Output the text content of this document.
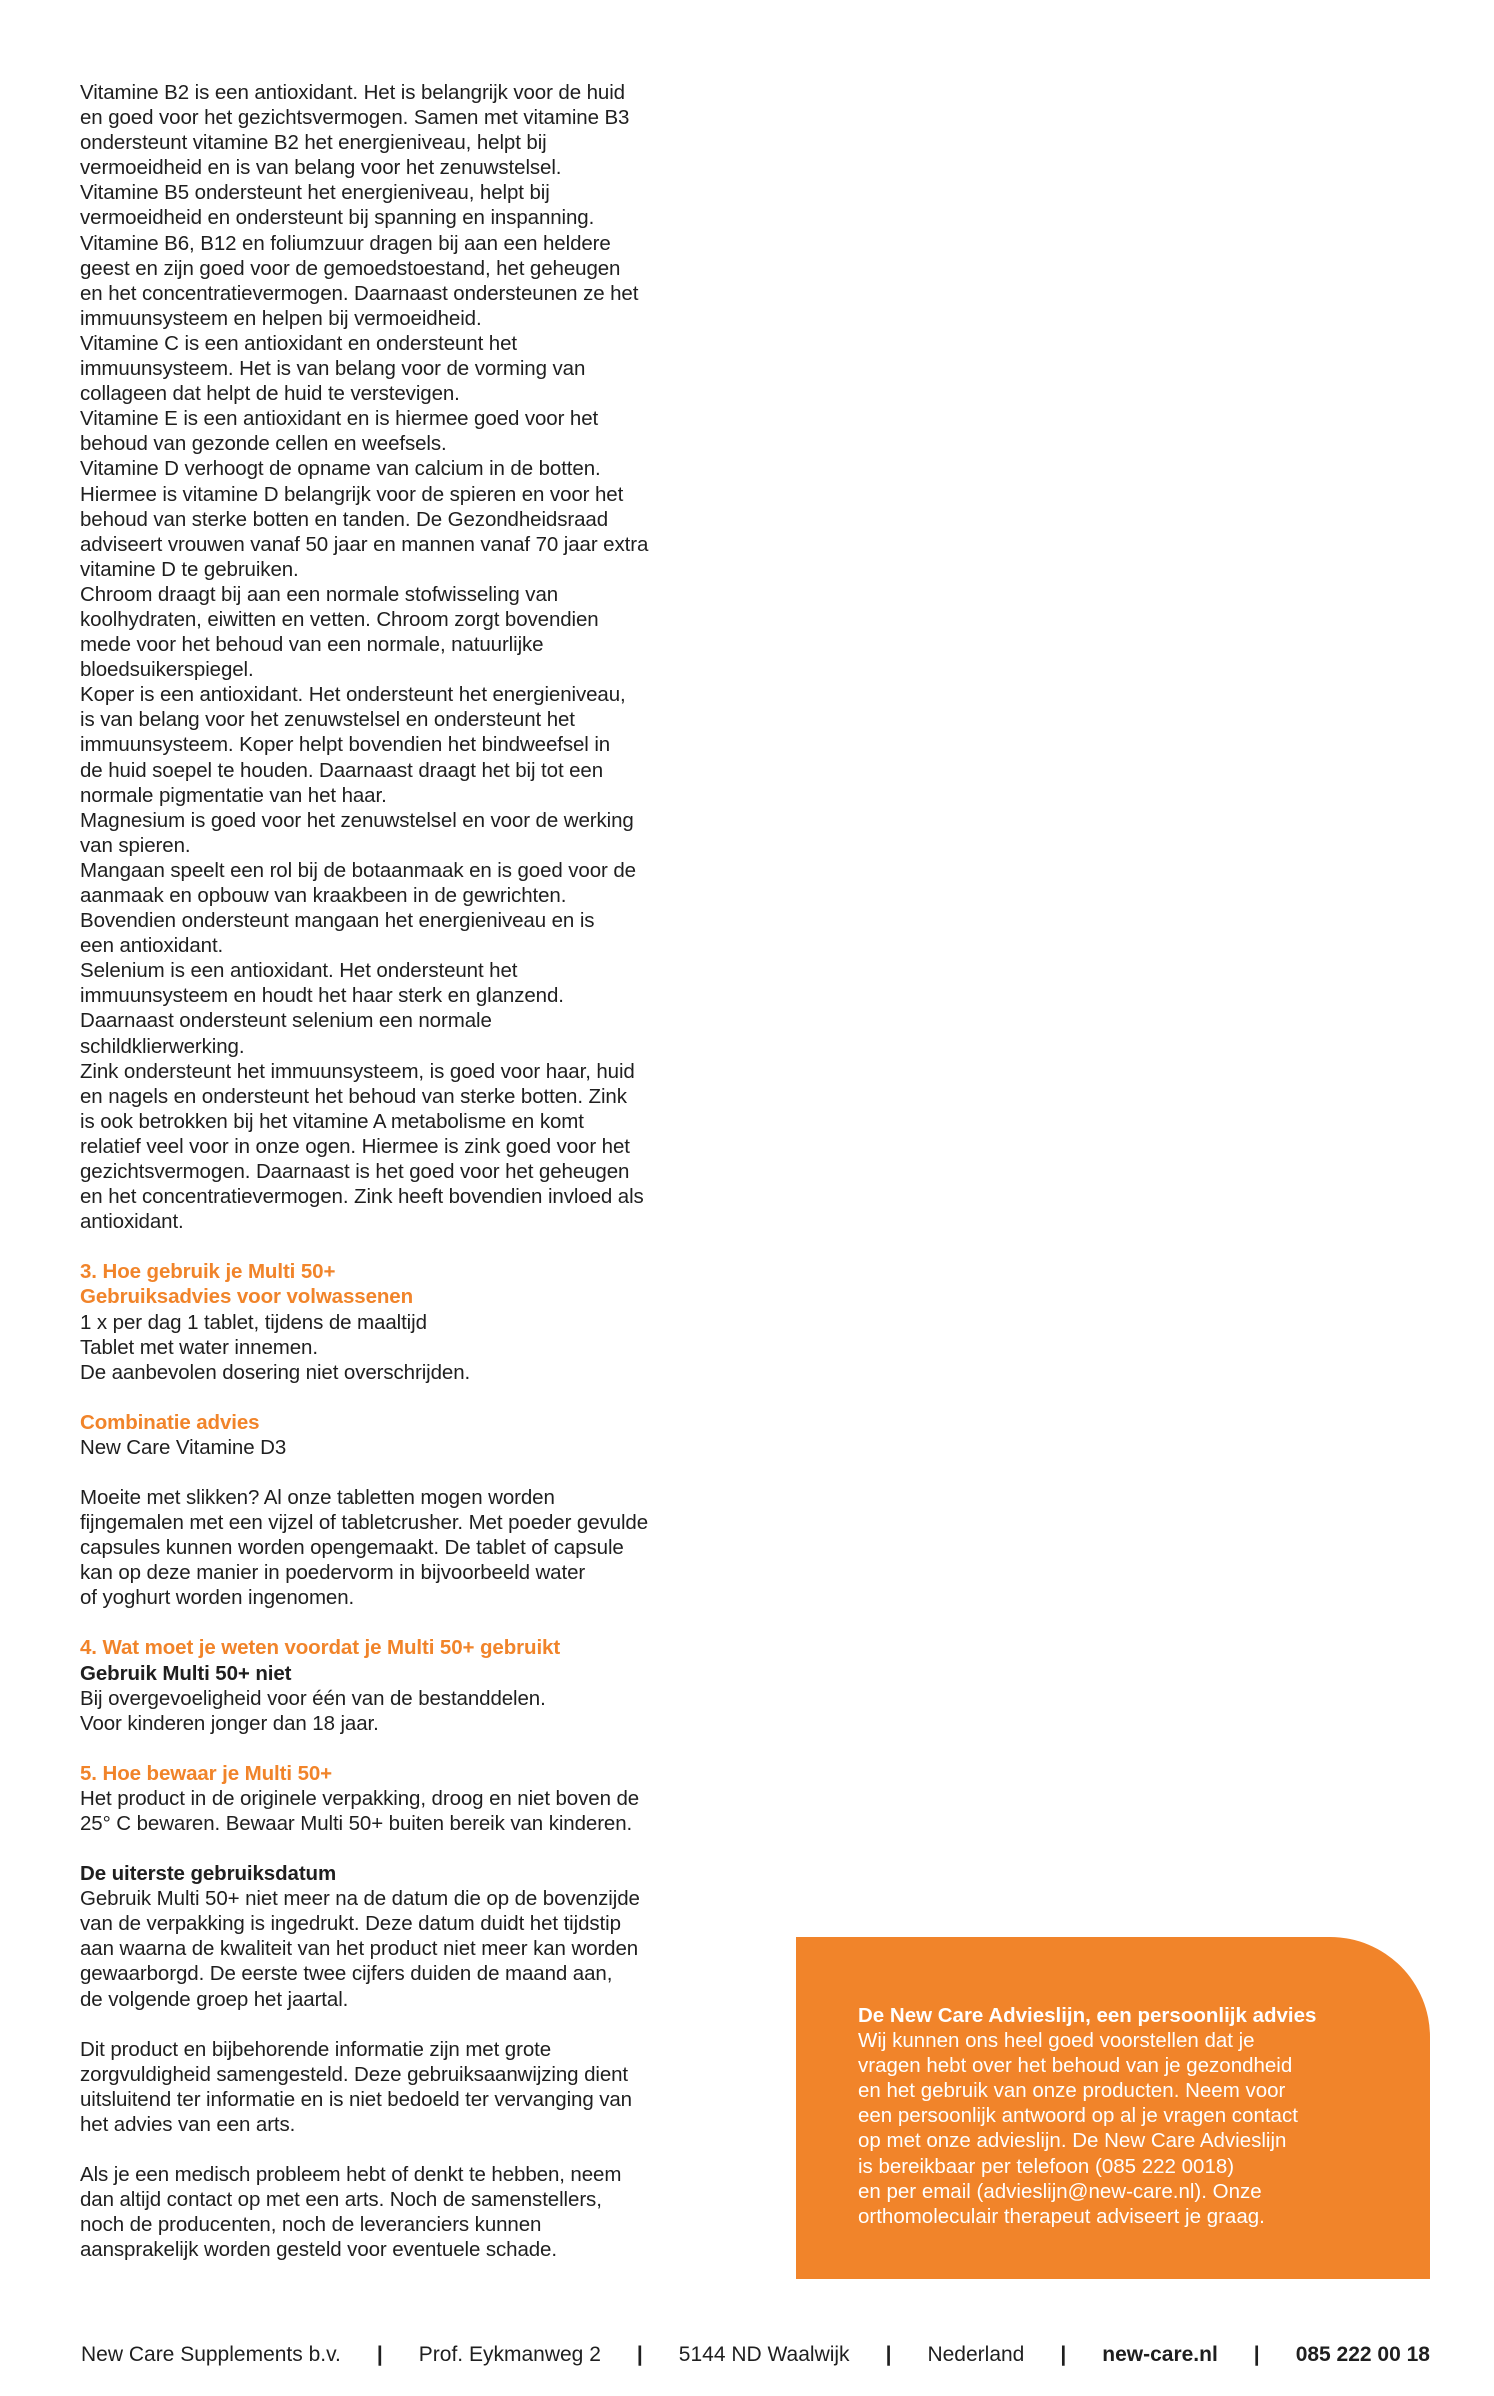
Vitamine B2 is een antioxidant. Het is belangrijk voor de huid
en goed voor het gezichtsvermogen. Samen met vitamine B3
ondersteunt vitamine B2 het energieniveau, helpt bij
vermoeidheid en is van belang voor het zenuwstelsel.
Vitamine B5 ondersteunt het energieniveau, helpt bij
vermoeidheid en ondersteunt bij spanning en inspanning.
Vitamine B6, B12 en foliumzuur dragen bij aan een heldere
geest en zijn goed voor de gemoedstoestand, het geheugen
en het concentratievermogen. Daarnaast ondersteunen ze het
immuunsysteem en helpen bij vermoeidheid.
Vitamine C is een antioxidant en ondersteunt het
immuunsysteem. Het is van belang voor de vorming van
collageen dat helpt de huid te verstevigen.
Vitamine E is een antioxidant en is hiermee goed voor het
behoud van gezonde cellen en weefsels.
Vitamine D verhoogt de opname van calcium in de botten.
Hiermee is vitamine D belangrijk voor de spieren en voor het
behoud van sterke botten en tanden. De Gezondheidsraad
adviseert vrouwen vanaf 50 jaar en mannen vanaf 70 jaar extra
vitamine D te gebruiken.
Chroom draagt bij aan een normale stofwisseling van
koolhydraten, eiwitten en vetten. Chroom zorgt bovendien
mede voor het behoud van een normale, natuurlijke
bloedsuikerspiegel.
Koper is een antioxidant. Het ondersteunt het energieniveau,
is van belang voor het zenuwstelsel en ondersteunt het
immuunsysteem. Koper helpt bovendien het bindweefsel in
de huid soepel te houden. Daarnaast draagt het bij tot een
normale pigmentatie van het haar.
Magnesium is goed voor het zenuwstelsel en voor de werking
van spieren.
Mangaan speelt een rol bij de botaanmaak en is goed voor de
aanmaak en opbouw van kraakbeen in de gewrichten.
Bovendien ondersteunt mangaan het energieniveau en is
een antioxidant.
Selenium is een antioxidant. Het ondersteunt het
immuunsysteem en houdt het haar sterk en glanzend.
Daarnaast ondersteunt selenium een normale
schildklierwerking.
Zink ondersteunt het immuunsysteem, is goed voor haar, huid
en nagels en ondersteunt het behoud van sterke botten. Zink
is ook betrokken bij het vitamine A metabolisme en komt
relatief veel voor in onze ogen. Hiermee is zink goed voor het
gezichtsvermogen. Daarnaast is het goed voor het geheugen
en het concentratievermogen. Zink heeft bovendien invloed als
antioxidant.

3. Hoe gebruik je Multi 50+

Gebruiksadvies voor volwassenen

1 x per dag 1 tablet, tijdens de maaltijd
Tablet met water innemen.
De aanbevolen dosering niet overschrijden.

Combinatie advies

New Care Vitamine D3

Moeite met slikken? Al onze tabletten mogen worden
fijngemalen met een vijzel of tabletcrusher. Met poeder gevulde
capsules kunnen worden opengemaakt. De tablet of capsule
kan op deze manier in poedervorm in bijvoorbeeld water
of yoghurt worden ingenomen.

4. Wat moet je weten voordat je Multi 50+ gebruikt

Gebruik Multi 50+ niet

Bij overgevoeligheid voor één van de bestanddelen.
Voor kinderen jonger dan 18 jaar.

5. Hoe bewaar je Multi 50+

Het product in de originele verpakking, droog en niet boven de
25° C bewaren. Bewaar Multi 50+ buiten bereik van kinderen.

De uiterste gebruiksdatum

Gebruik Multi 50+ niet meer na de datum die op de bovenzijde
van de verpakking is ingedrukt. Deze datum duidt het tijdstip
aan waarna de kwaliteit van het product niet meer kan worden
gewaarborgd. De eerste twee cijfers duiden de maand aan,
de volgende groep het jaartal.

Dit product en bijbehorende informatie zijn met grote
zorgvuldigheid samengesteld. Deze gebruiksaanwijzing dient
uitsluitend ter informatie en is niet bedoeld ter vervanging van
het advies van een arts.

Als je een medisch probleem hebt of denkt te hebben, neem
dan altijd contact op met een arts. Noch de samenstellers,
noch de producenten, noch de leveranciers kunnen
aansprakelijk worden gesteld voor eventuele schade.

De New Care Advieslijn, een persoonlijk advies

Wij kunnen ons heel goed voorstellen dat je
vragen hebt over het behoud van je gezondheid
en het gebruik van onze producten. Neem voor
een persoonlijk antwoord op al je vragen contact
op met onze advieslijn. De New Care Advieslijn
is bereikbaar per telefoon (085 222 0018)
en per email (advieslijn@new-care.nl). Onze
orthomoleculair therapeut adviseert je graag.

New Care Supplements b.v. | Prof. Eykmanweg 2 | 5144 ND Waalwijk | Nederland | new-care.nl | 085 222 00 18
